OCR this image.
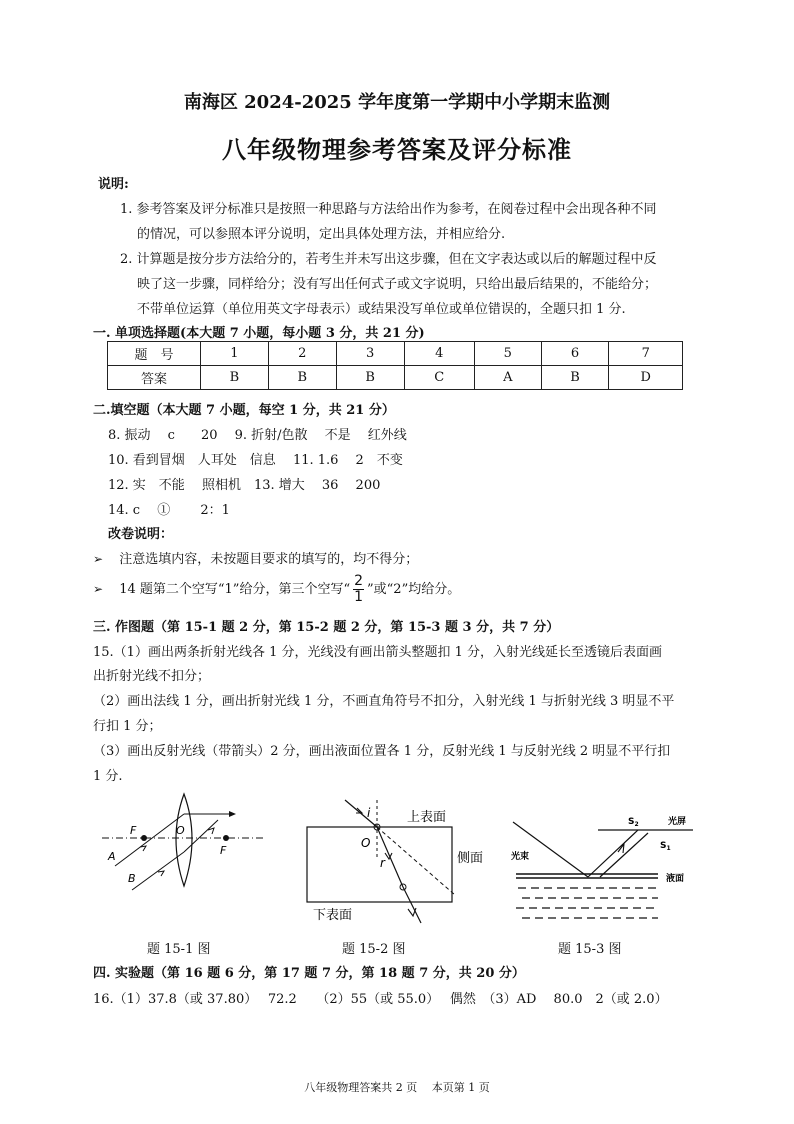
南海区 2024-2025 学年度第一学期中小学期末监测
八年级物理参考答案及评分标准
说明:
1. 参考答案及评分标准只是按照一种思路与方法给出作为参考，在阅卷过程中会出现各种不同
的情况，可以参照本评分说明，定出具体处理方法，并相应给分.
2. 计算题是按分步方法给分的，若考生并未写出这步骤，但在文字表达或以后的解题过程中反
映了这一步骤，同样给分；没有写出任何式子或文字说明，只给出最后结果的，不能给分；
不带单位运算（单位用英文字母表示）或结果没写单位或单位错误的，全题只扣 1 分.
一. 单项选择题(本大题 7 小题，每小题 3 分，共 21 分)
题　号	1	2	3	4	5	6	7
答案	B	B	B	C	A	B	D
二.填空题（本大题 7 小题，每空 1 分，共 21 分）
8. 振动　 c　　20　 9. 折射/色散　 不是　 红外线
10. 看到冒烟　人耳处　信息　 11. 1.6　 2　不变
12. 实　不能　 照相机　13. 增大　 36　 200
14. c　 ①　　 2：1
改卷说明：
➢ 注意选填内容，未按题目要求的填写的，均不得分；
➢ 14 题第二个空写“1”给分，第三个空写“ $\frac{2}{1}$ ”或“2”均给分。
三. 作图题（第 15-1 题 2 分，第 15-2 题 2 分，第 15-3 题 3 分，共 7 分）
15.（1）画出两条折射光线各 1 分，光线没有画出箭头整题扣 1 分，入射光线延长至透镜后表面画
出折射光线不扣分；
（2）画出法线 1 分，画出折射光线 1 分，不画直角符号不扣分，入射光线 1 与折射光线 3 明显不平
行扣 1 分；
（3）画出反射光线（带箭头）2 分，画出液面位置各 1 分，反射光线 1 与反射光线 2 明显不平行扣
1 分.
F	O
F
A
B
i
O
r
上表面
侧面
下表面
$S_2$
$S_1$
光屏
光束
液面
题 15-1 图	题 15-2 图	题 15-3 图
四. 实验题（第 16 题 6 分，第 17 题 7 分，第 18 题 7 分，共 20 分）
16.（1）37.8（或 37.80）　 72.2　　（2）55（或 55.0）　 偶然　（3）AD　 80.0　2（或 2.0）
八年级物理答案共 2 页　 本页第 1 页
